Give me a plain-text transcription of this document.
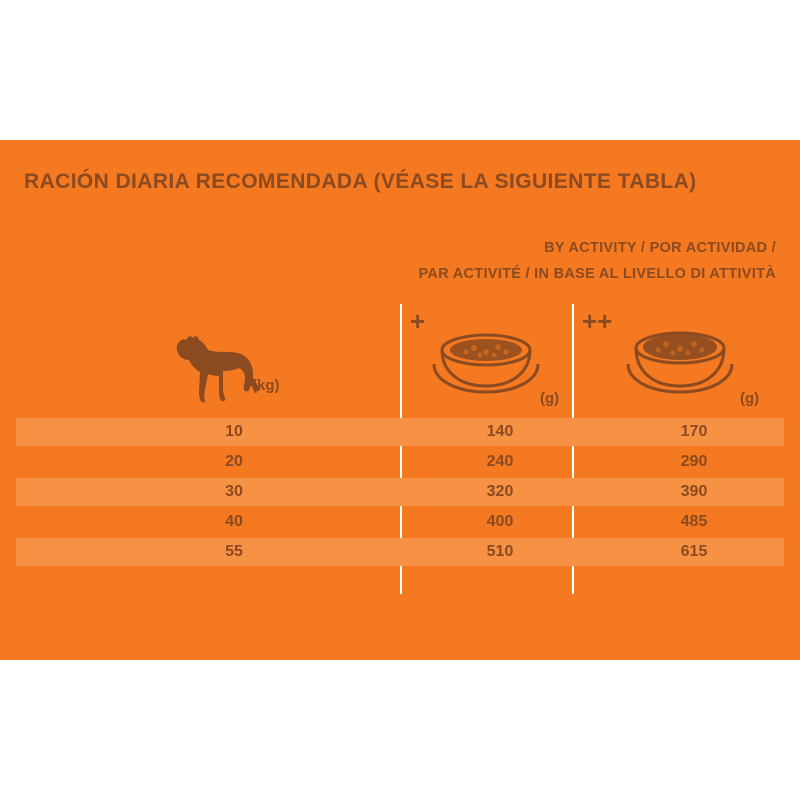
RACIÓN DIARIA RECOMENDADA (VÉASE LA SIGUIENTE TABLA)
BY ACTIVITY / POR ACTIVIDAD /
PAR ACTIVITÉ / IN BASE AL LIVELLO DI ATTIVITÀ
+	++
(kg)
(g)	(g)
10	140	170
20	240	290
30	320	390
40	400	485
55	510	615
